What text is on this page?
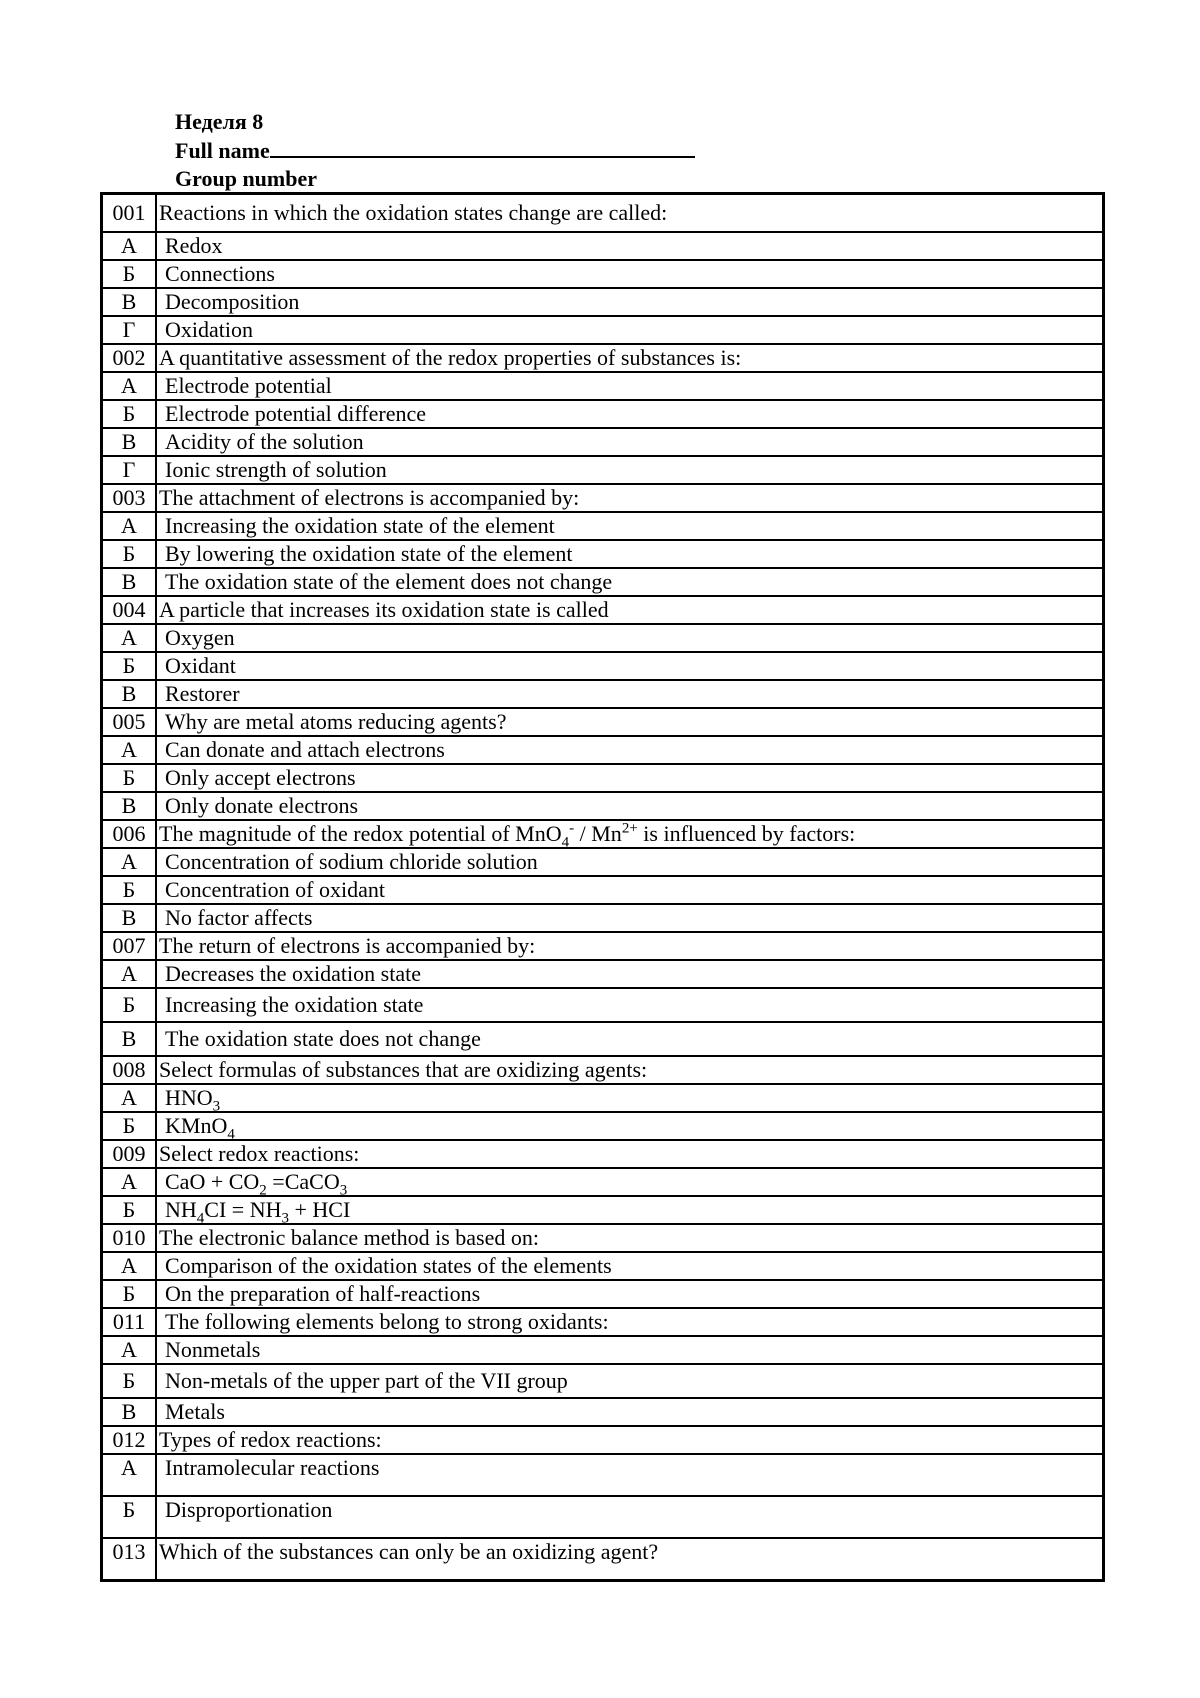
Неделя 8
Full name
Group number
001	Reactions in which the oxidation states change are called:
А	Redox
Б	Connections
В	Decomposition
Г	Oxidation
002	A quantitative assessment of the redox properties of substances is:
А	Electrode potential
Б	Electrode potential difference
В	Acidity of the solution
Г	Ionic strength of solution
003	The attachment of electrons is accompanied by:
А	Increasing the oxidation state of the element
Б	By lowering the oxidation state of the element
В	The oxidation state of the element does not change
004	A particle that increases its oxidation state is called
А	Oxygen
Б	Oxidant
В	Restorer
005	Why are metal atoms reducing agents?
А	Can donate and attach electrons
Б	Only accept electrons
В	Only donate electrons
006	The magnitude of the redox potential of $MnO_4^- / Mn^{2+}$ is influenced by factors:
А	Concentration of sodium chloride solution
Б	Concentration of oxidant
В	No factor affects
007	The return of electrons is accompanied by:
А	Decreases the oxidation state
Б	Increasing the oxidation state
В	The oxidation state does not change
008	Select formulas of substances that are oxidizing agents:
А	$HNO_3$
Б	KMnO$_4$
009	Select redox reactions:
А	CaO + $CO_2$ =CaCO$_3$
Б	$NH_4CI = NH_3$ + HCI
010	The electronic balance method is based on:
А	Comparison of the oxidation states of the elements
Б	On the preparation of half-reactions
011	The following elements belong to strong oxidants:
А	Nonmetals
Б	Non-metals of the upper part of the VII group
В	Metals
012	Types of redox reactions:
А	Intramolecular reactions
Б	Disproportionation
013	Which of the substances can only be an oxidizing agent?
